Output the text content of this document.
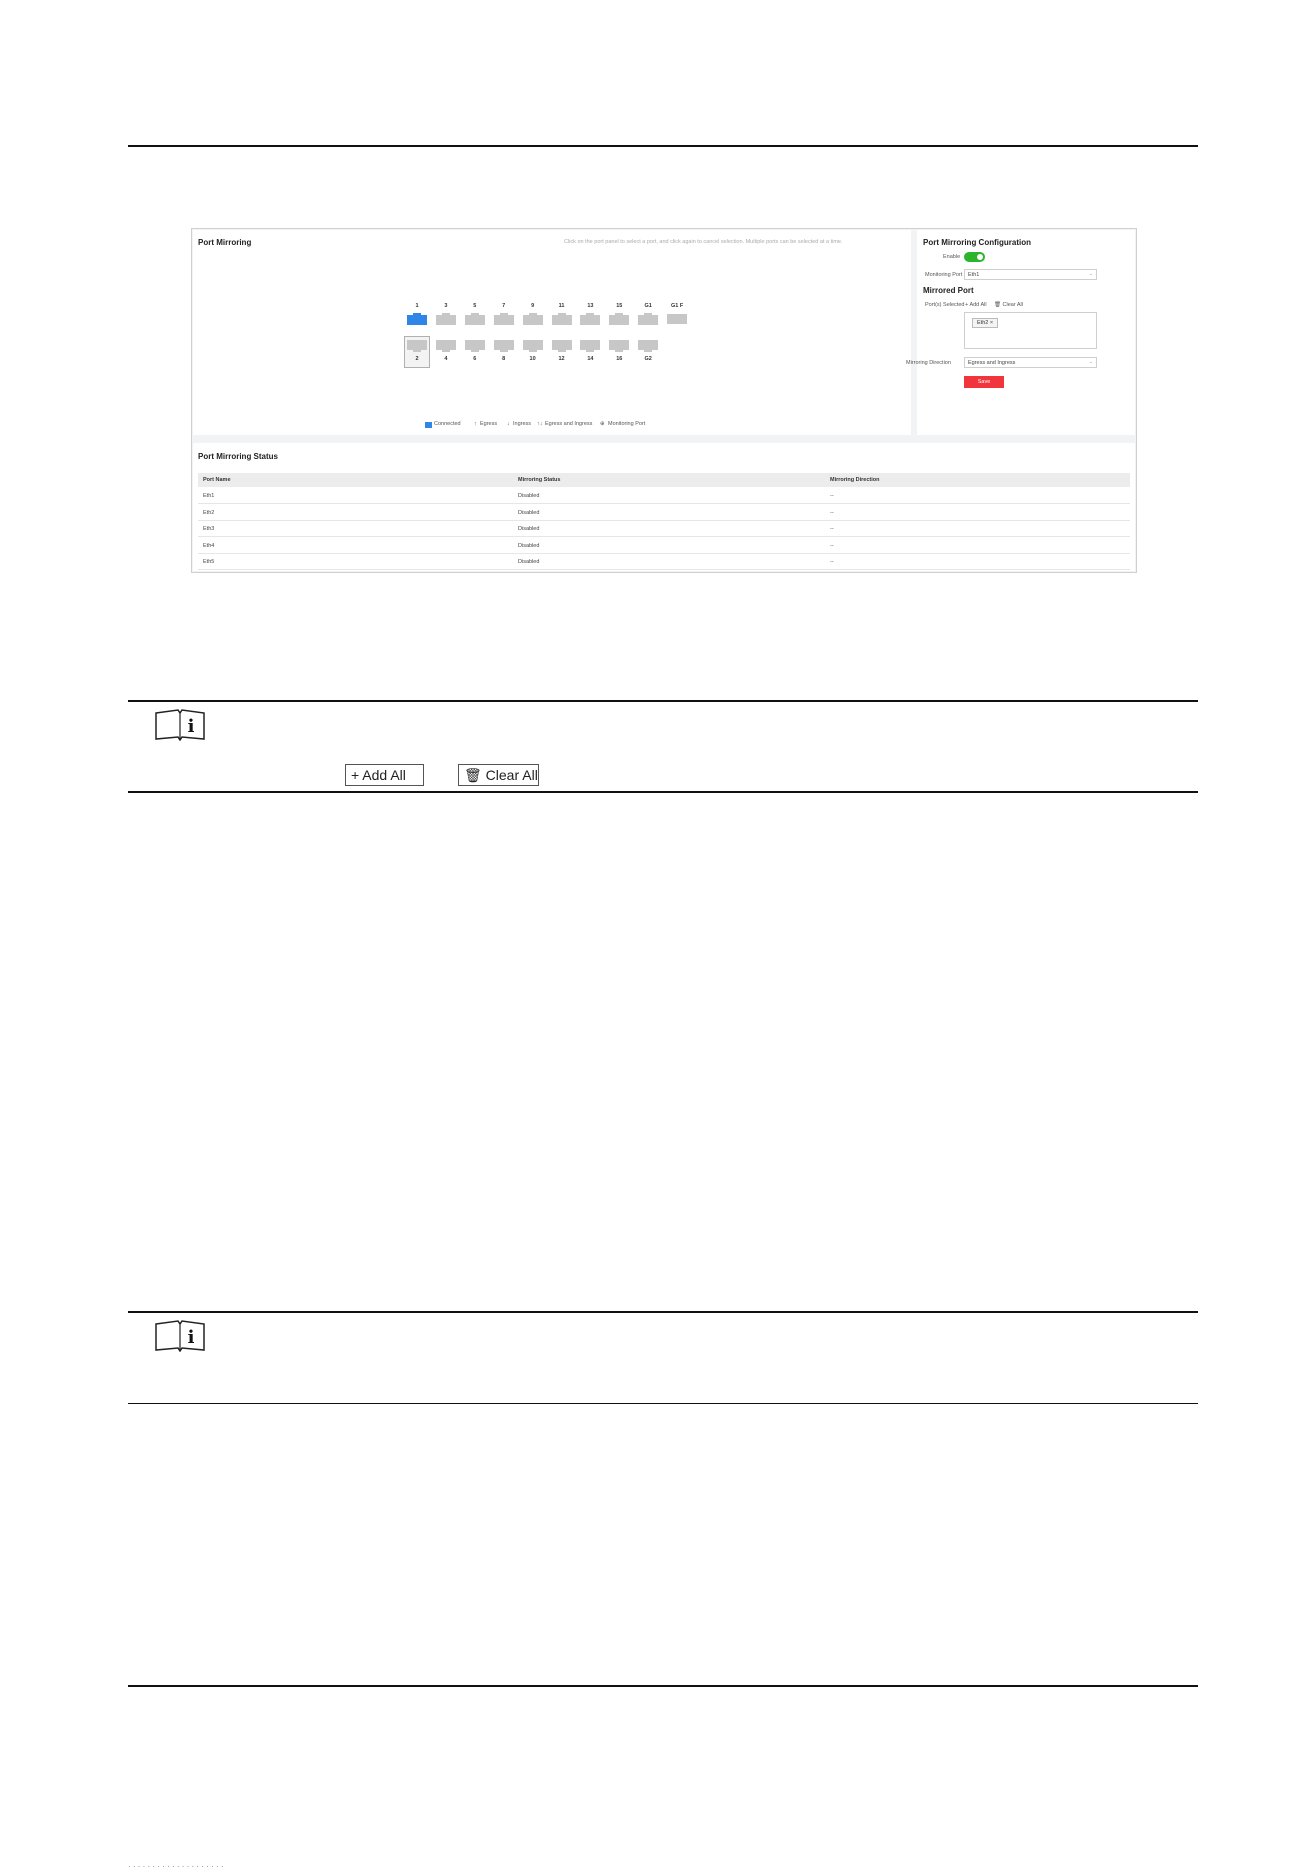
Port Mirroring	Click on the port panel to select a port, and click again to cancel selection. Multiple ports can be selected at a time.
1	3	5	7	9	11	13	15	G1	G1 F
2	4	6	8	10	12	14	16	G2
Connected ↑ Egress ↓ Ingress ↑↓ Egress and Ingress ⊕ Monitoring Port
Port Mirroring Configuration
Enable
Monitoring Port	Eth1	⌄
Mirrored Port
Port(s) Selected + Add All 🗑 Clear All
Eth2 ×
Mirroring Direction	Egress and Ingress	⌄
Save
Port Mirroring Status
Port Name	Mirroring Status	Mirroring Direction
Eth1	Disabled	--
Eth2	Disabled	--
Eth3	Disabled	--
Eth4	Disabled	--
Eth5	Disabled	--
i
+ Add All	🗑 Clear All
i
· · · · · · · · · · · · · · · · · · · ·
